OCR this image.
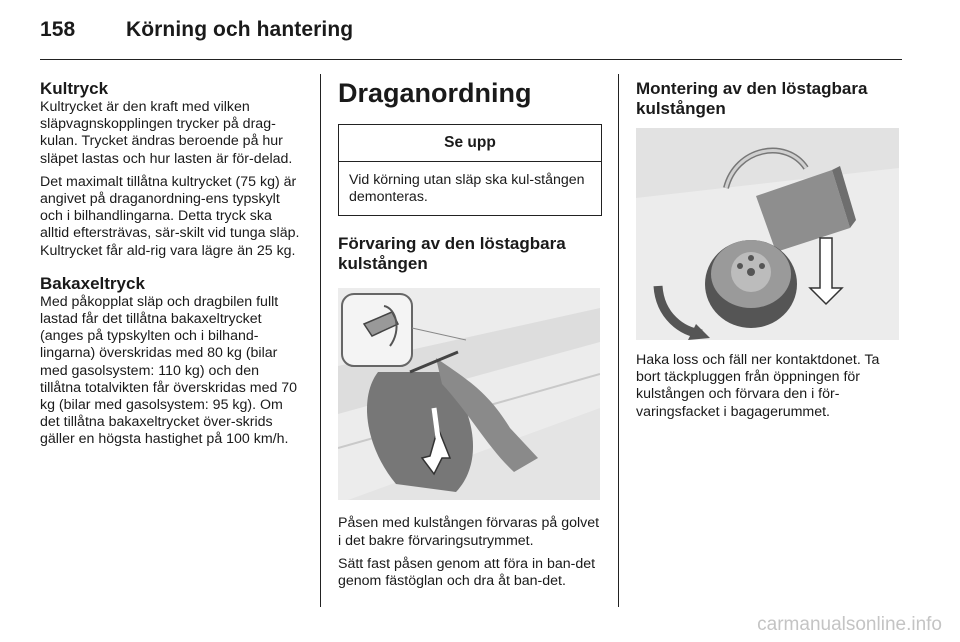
158 Körning och hantering
Kultryck

Kultrycket är den kraft med vilken släpvagnskopplingen trycker på drag-kulan. Trycket ändras beroende på hur släpet lastas och hur lasten är för-delad.

Det maximalt tillåtna kultrycket (75 kg) är angivet på draganordning-ens typskylt och i bilhandlingarna. Detta tryck ska alltid eftersträvas, sär-skilt vid tunga släp. Kultrycket får ald-rig vara lägre än 25 kg.

Bakaxeltryck

Med påkopplat släp och dragbilen fullt lastad får det tillåtna bakaxeltrycket (anges på typskylten och i bilhand-lingarna) överskridas med 80 kg (bilar med gasolsystem: 110 kg) och den tillåtna totalvikten får överskridas med 70 kg (bilar med gasolsystem: 95 kg). Om det tillåtna bakaxeltrycket över-skrids gäller en högsta hastighet på 100 km/h.

Draganordning
Se upp
Vid körning utan släp ska kul-stången demonteras.
Förvaring av den löstagbara kulstången

Påsen med kulstången förvaras på golvet i det bakre förvaringsutrymmet.

Sätt fast påsen genom att föra in ban-det genom fästöglan och dra åt ban-det.

Montering av den löstagbara kulstången

Haka loss och fäll ner kontaktdonet. Ta bort täckpluggen från öppningen för kulstången och förvara den i för-varingsfacket i bagagerummet.

carmanualsonline.info
